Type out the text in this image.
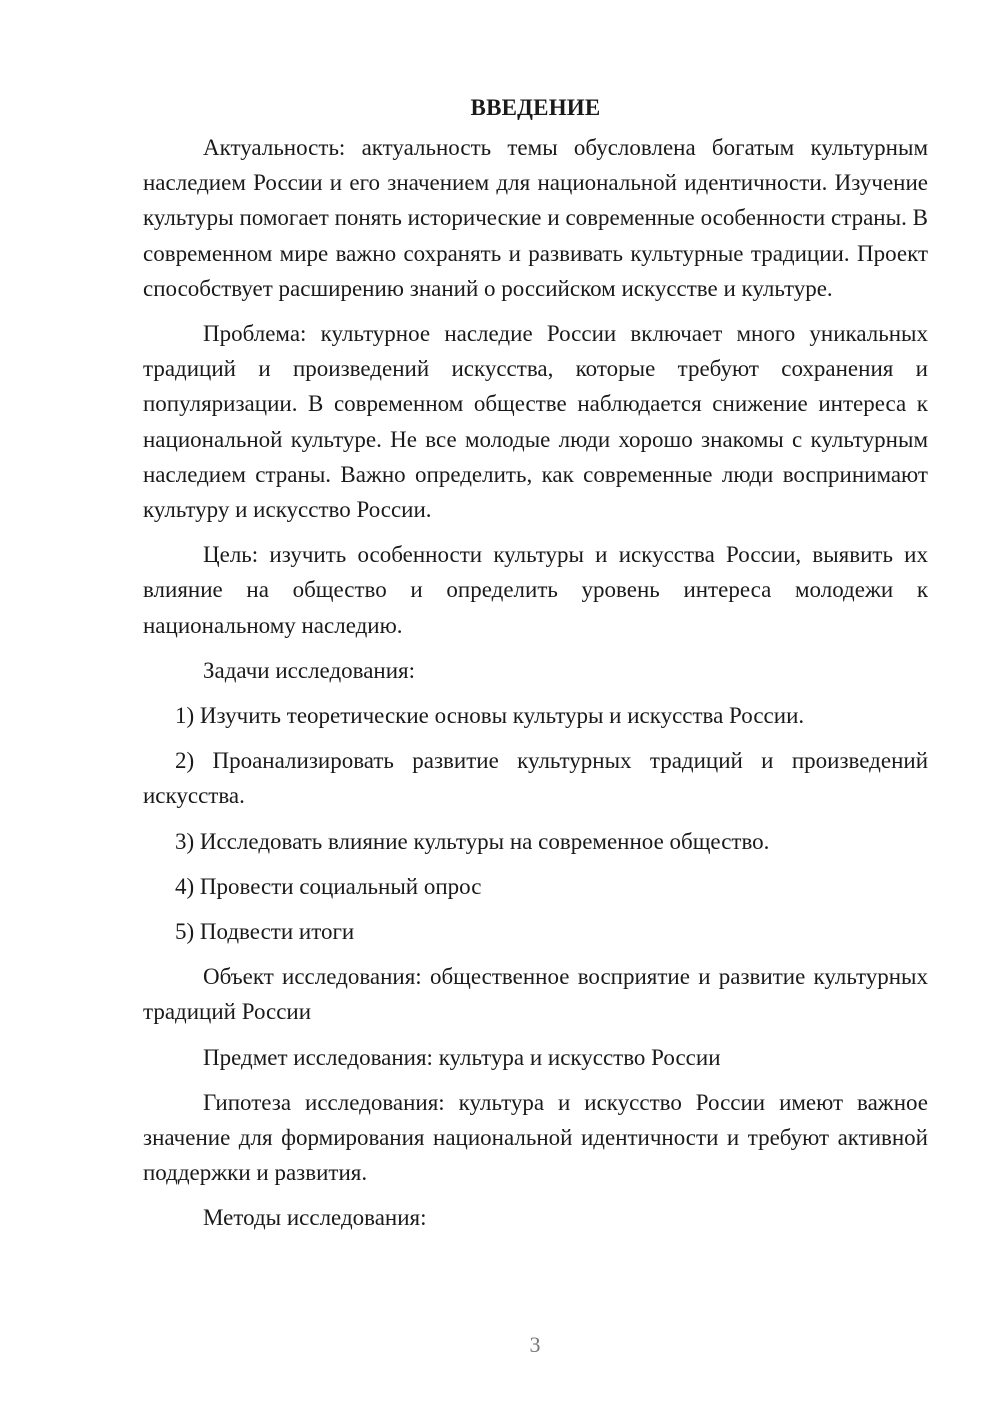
ВВЕДЕНИЕ

Актуальность: актуальность темы обусловлена богатым культурным наследием России и его значением для национальной идентичности. Изучение культуры помогает понять исторические и современные особенности страны. В современном мире важно сохранять и развивать культурные традиции. Проект способствует расширению знаний о российском искусстве и культуре.

Проблема: культурное наследие России включает много уникальных традиций и произведений искусства, которые требуют сохранения и популяризации. В современном обществе наблюдается снижение интереса к национальной культуре. Не все молодые люди хорошо знакомы с культурным наследием страны. Важно определить, как современные люди воспринимают культуру и искусство России.

Цель: изучить особенности культуры и искусства России, выявить их влияние на общество и определить уровень интереса молодежи к национальному наследию.

Задачи исследования:

1) Изучить теоретические основы культуры и искусства России.

2) Проанализировать развитие культурных традиций и произведений искусства.

3) Исследовать влияние культуры на современное общество.

4) Провести социальный опрос

5) Подвести итоги

Объект исследования: общественное восприятие и развитие культурных традиций России

Предмет исследования: культура и искусство России

Гипотеза исследования: культура и искусство России имеют важное значение для формирования национальной идентичности и требуют активной поддержки и развития.

Методы исследования:

3
